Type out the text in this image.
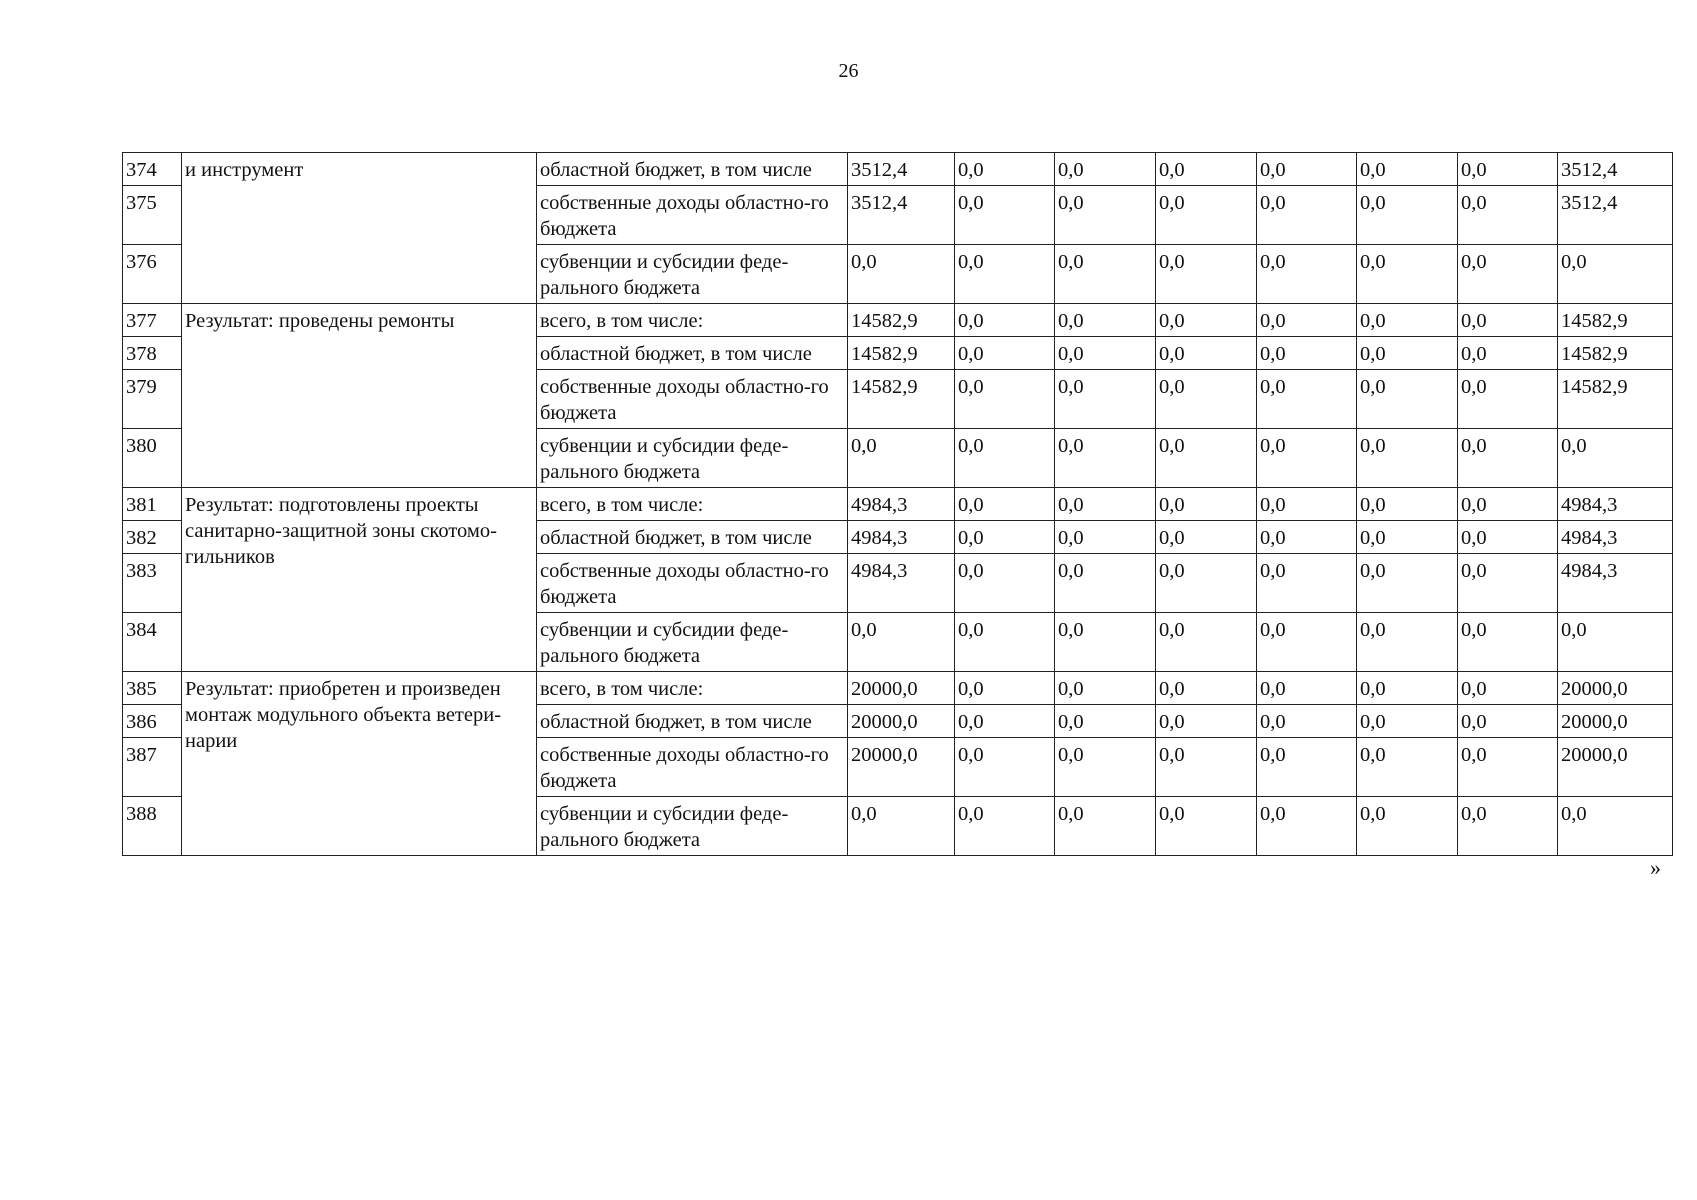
26
374	и инструмент	областной бюджет, в том числе	3512,4	0,0	0,0	0,0	0,0	0,0	0,0	3512,4
375		собственные доходы областно-го бюджета	3512,4	0,0	0,0	0,0	0,0	0,0	0,0	3512,4
376		субвенции и субсидии феде-рального бюджета	0,0	0,0	0,0	0,0	0,0	0,0	0,0	0,0
377	Результат: проведены ремонты	всего, в том числе:	14582,9	0,0	0,0	0,0	0,0	0,0	0,0	14582,9
378		областной бюджет, в том числе	14582,9	0,0	0,0	0,0	0,0	0,0	0,0	14582,9
379		собственные доходы областно-го бюджета	14582,9	0,0	0,0	0,0	0,0	0,0	0,0	14582,9
380		субвенции и субсидии феде-рального бюджета	0,0	0,0	0,0	0,0	0,0	0,0	0,0	0,0
381	Результат: подготовлены проекты санитарно-защитной зоны скотомо-гильников	всего, в том числе:	4984,3	0,0	0,0	0,0	0,0	0,0	0,0	4984,3
382		областной бюджет, в том числе	4984,3	0,0	0,0	0,0	0,0	0,0	0,0	4984,3
383		собственные доходы областно-го бюджета	4984,3	0,0	0,0	0,0	0,0	0,0	0,0	4984,3
384		субвенции и субсидии феде-рального бюджета	0,0	0,0	0,0	0,0	0,0	0,0	0,0	0,0
385	Результат: приобретен и произведен монтаж модульного объекта ветери-нарии	всего, в том числе:	20000,0	0,0	0,0	0,0	0,0	0,0	0,0	20000,0
386		областной бюджет, в том числе	20000,0	0,0	0,0	0,0	0,0	0,0	0,0	20000,0
387		собственные доходы областно-го бюджета	20000,0	0,0	0,0	0,0	0,0	0,0	0,0	20000,0
388		субвенции и субсидии феде-рального бюджета	0,0	0,0	0,0	0,0	0,0	0,0	0,0	0,0
»
